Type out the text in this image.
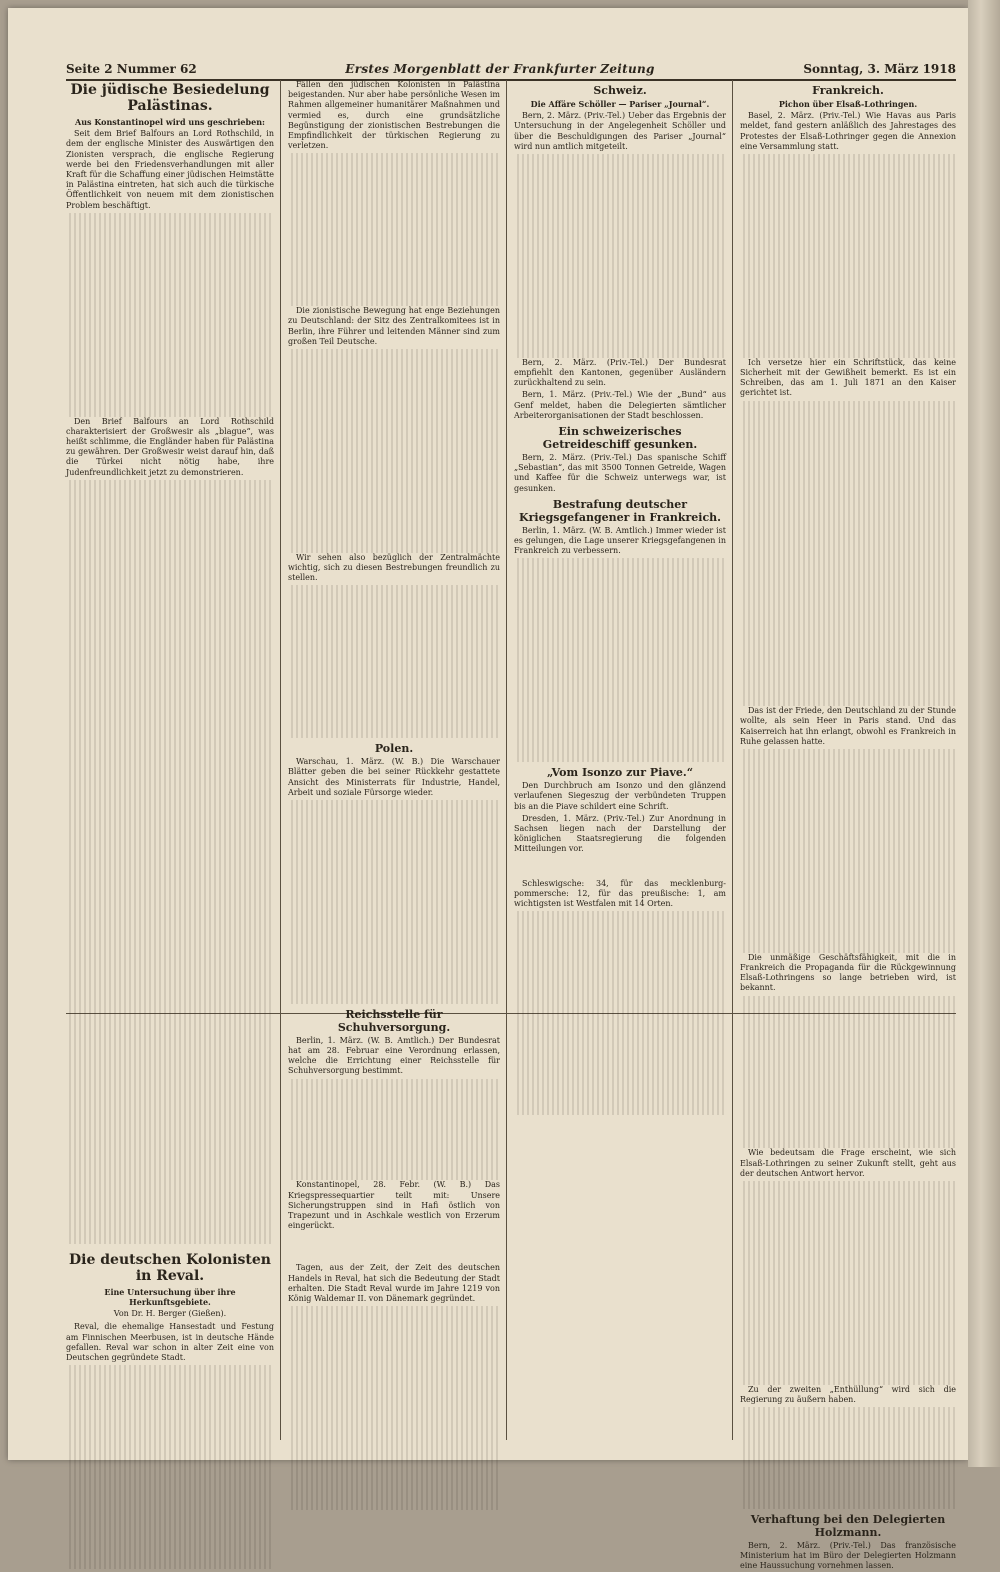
Seite 2 Nummer 62	Erstes Morgenblatt der Frankfurter Zeitung	Sonntag, 3. März 1918
Die jüdische Besiedelung Palästinas.
Aus Konstantinopel wird uns geschrieben:

Seit dem Brief Balfours an Lord Rothschild, in dem der englische Minister des Auswärtigen den Zionisten versprach, die englische Regierung werde bei den Friedensverhandlungen mit aller Kraft für die Schaffung einer jüdischen Heimstätte in Palästina eintreten, hat sich auch die türkische Öffentlichkeit von neuem mit dem zionistischen Problem beschäftigt.

Den Brief Balfours an Lord Rothschild charakterisiert der Großwesir als „blague“, was heißt schlimme, die Engländer haben für Palästina zu gewähren. Der Großwesir weist darauf hin, daß die Türkei nicht nötig habe, ihre Judenfreundlichkeit jetzt zu demonstrieren.

Die deutschen Kolonisten in Reval.
Eine Untersuchung über ihre Herkunftsgebiete.
Von Dr. H. Berger (Gießen).

Reval, die ehemalige Hansestadt und Festung am Finnischen Meerbusen, ist in deutsche Hände gefallen. Reval war schon in alter Zeit eine von Deutschen gegründete Stadt.

Fällen den jüdischen Kolonisten in Palästina beigestanden. Nur aber habe persönliche Wesen im Rahmen allgemeiner humanitärer Maßnahmen und vermied es, durch eine grundsätzliche Begünstigung der zionistischen Bestrebungen die Empfindlichkeit der türkischen Regierung zu verletzen.

Die zionistische Bewegung hat enge Beziehungen zu Deutschland: der Sitz des Zentralkomitees ist in Berlin, ihre Führer und leitenden Männer sind zum großen Teil Deutsche.

Wir sehen also bezüglich der Zentralmächte wichtig, sich zu diesen Bestrebungen freundlich zu stellen.

Polen.

Warschau, 1. März. (W. B.) Die Warschauer Blätter geben die bei seiner Rückkehr gestattete Ansicht des Ministerrats für Industrie, Handel, Arbeit und soziale Fürsorge wieder.

Reichsstelle für Schuhversorgung.

Berlin, 1. März. (W. B. Amtlich.) Der Bundesrat hat am 28. Februar eine Verordnung erlassen, welche die Errichtung einer Reichsstelle für Schuhversorgung bestimmt.

Konstantinopel, 28. Febr. (W. B.) Das Kriegspressequartier teilt mit: Unsere Sicherungstruppen sind in Hafi östlich von Trapezunt und in Aschkale westlich von Erzerum eingerückt.

Tagen, aus der Zeit, der Zeit des deutschen Handels in Reval, hat sich die Bedeutung der Stadt erhalten. Die Stadt Reval wurde im Jahre 1219 von König Waldemar II. von Dänemark gegründet.

Schweiz.
Die Affäre Schöller — Pariser „Journal“.

Bern, 2. März. (Priv.-Tel.) Ueber das Ergebnis der Untersuchung in der Angelegenheit Schöller und über die Beschuldigungen des Pariser „Journal“ wird nun amtlich mitgeteilt.

Bern, 2. März. (Priv.-Tel.) Der Bundesrat empfiehlt den Kantonen, gegenüber Ausländern zurückhaltend zu sein.

Bern, 1. März. (Priv.-Tel.) Wie der „Bund“ aus Genf meldet, haben die Delegierten sämtlicher Arbeiterorganisationen der Stadt beschlossen.

Ein schweizerisches Getreideschiff gesunken.

Bern, 2. März. (Priv.-Tel.) Das spanische Schiff „Sebastian“, das mit 3500 Tonnen Getreide, Wagen und Kaffee für die Schweiz unterwegs war, ist gesunken.

Bestrafung deutscher Kriegsgefangener in Frankreich.

Berlin, 1. März. (W. B. Amtlich.) Immer wieder ist es gelungen, die Lage unserer Kriegsgefangenen in Frankreich zu verbessern.

„Vom Isonzo zur Piave.“

Den Durchbruch am Isonzo und den glänzend verlaufenen Siegeszug der verbündeten Truppen bis an die Piave schildert eine Schrift.

Dresden, 1. März. (Priv.-Tel.) Zur Anordnung in Sachsen liegen nach der Darstellung der königlichen Staatsregierung die folgenden Mitteilungen vor.

Schleswigsche: 34, für das mecklenburg-pommersche: 12, für das preußische: 1, am wichtigsten ist Westfalen mit 14 Orten.

Frankreich.
Pichon über Elsaß-Lothringen.

Basel, 2. März. (Priv.-Tel.) Wie Havas aus Paris meldet, fand gestern anläßlich des Jahrestages des Protestes der Elsaß-Lothringer gegen die Annexion eine Versammlung statt.

Ich versetze hier ein Schriftstück, das keine Sicherheit mit der Gewißheit bemerkt. Es ist ein Schreiben, das am 1. Juli 1871 an den Kaiser gerichtet ist.

Das ist der Friede, den Deutschland zu der Stunde wollte, als sein Heer in Paris stand. Und das Kaiserreich hat ihn erlangt, obwohl es Frankreich in Ruhe gelassen hatte.

Die unmäßige Geschäftsfähigkeit, mit die in Frankreich die Propaganda für die Rückgewinnung Elsaß-Lothringens so lange betrieben wird, ist bekannt.

Wie bedeutsam die Frage erscheint, wie sich Elsaß-Lothringen zu seiner Zukunft stellt, geht aus der deutschen Antwort hervor.

Zu der zweiten „Enthüllung“ wird sich die Regierung zu äußern haben.

Verhaftung bei den Delegierten Holzmann.

Bern, 2. März. (Priv.-Tel.) Das französische Ministerium hat im Büro der Delegierten Holzmann eine Haussuchung vornehmen lassen.
